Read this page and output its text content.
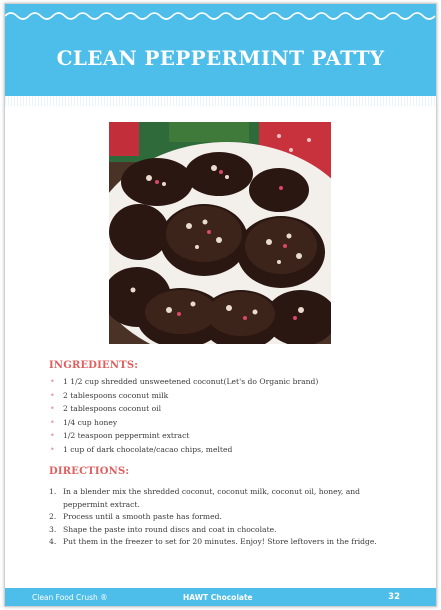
CLEAN PEPPERMINT PATTY
INGREDIENTS:
• 1 1/2 cup shredded unsweetened coconut(Let's do Organic brand)
• 2 tablespoons coconut milk
• 2 tablespoons coconut oil
• 1/4 cup honey
• 1/2 teaspoon peppermint extract
• 1 cup of dark chocolate/cacao chips, melted
DIRECTIONS:
1. In a blender mix the shredded coconut, coconut milk, coconut oil, honey, and peppermint extract.
2. Process until a smooth paste has formed.
3. Shape the paste into round discs and coat in chocolate.
4. Put them in the freezer to set for 20 minutes. Enjoy! Store leftovers in the fridge.
Clean Food Crush ®	HAWT Chocolate	32
